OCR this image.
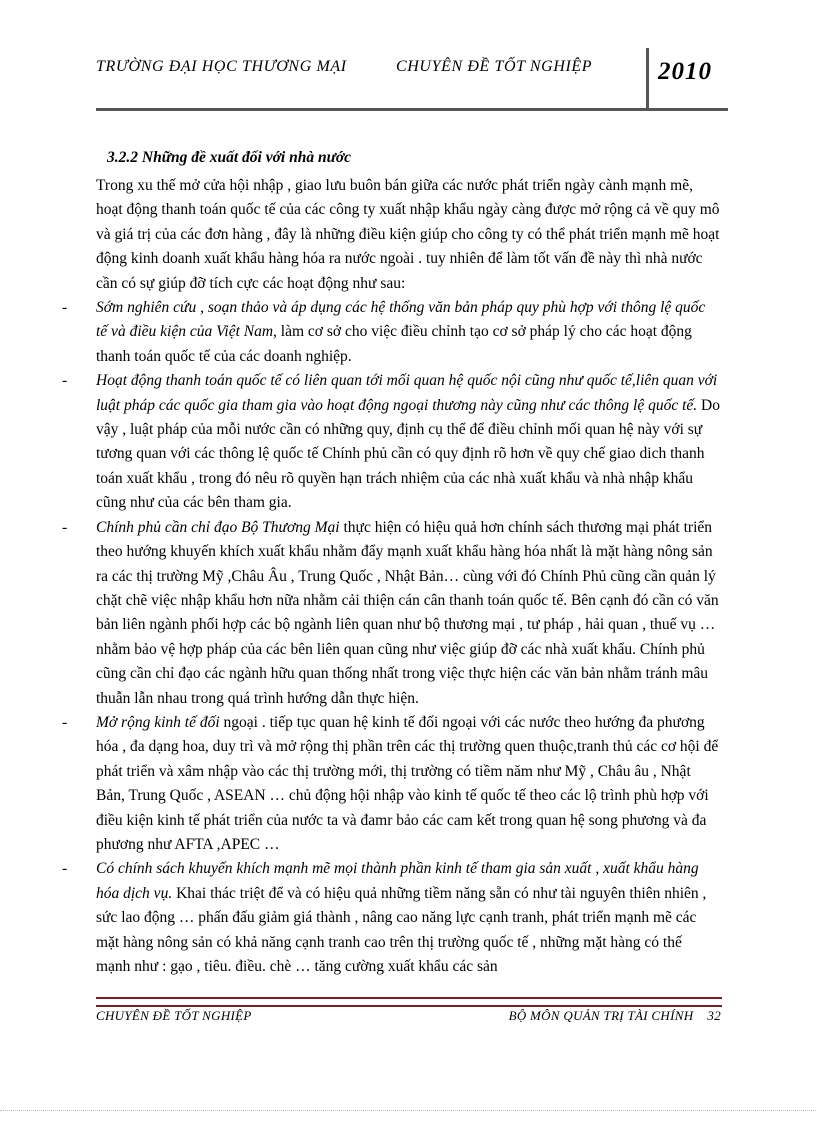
TRƯỜNG ĐẠI HỌC THƯƠNG MẠI	CHUYÊN ĐỀ TỐT NGHIỆP	2010
3.2.2 Những đề xuất đối với nhà nước
Trong xu thế mở cửa hội nhập , giao lưu buôn bán giữa các nước phát triển ngày cành mạnh mẽ, hoạt động thanh toán quốc tế của các công ty xuất nhập khẩu ngày càng được mở rộng cả về quy mô và giá trị của các đơn hàng , đây là những điều kiện giúp cho công ty có thể phát triển mạnh mẽ hoạt động kinh doanh xuất khẩu hàng hóa ra nước ngoài . tuy nhiên để làm tốt vấn đề này thì nhà nước cần có sự giúp đỡ tích cực các hoạt động như sau:
- Sớm nghiên cứu , soạn thảo và áp dụng các hệ thống văn bản pháp quy phù hợp với thông lệ quốc tế và điều kiện của Việt Nam, làm cơ sở cho việc điều chỉnh tạo cơ sở pháp lý cho các hoạt động thanh toán quốc tế của các doanh nghiệp.
- Hoạt động thanh toán quốc tế có liên quan tới mối quan hệ quốc nội cũng như quốc tế,liên quan với luật pháp các quốc gia tham gia vào hoạt động ngoại thương này cũng như các thông lệ quốc tế. Do vậy , luật pháp của mỗi nước cần có những quy, định cụ thể để điều chỉnh mối quan hệ này với sự tương quan với các thông lệ quốc tế Chính phủ cần có quy định rõ hơn về quy chế giao dich thanh toán xuất khẩu , trong đó nêu rõ quyền hạn trách nhiệm của các nhà xuất khẩu và nhà nhập khẩu cũng như của các bên tham gia.
- Chính phủ cần chỉ đạo Bộ Thương Mại thực hiện có hiệu quả hơn chính sách thương mại phát triển theo hướng khuyến khích xuất khẩu nhằm đẩy mạnh xuất khẩu hàng hóa nhất là mặt hàng nông sản ra các thị trường Mỹ ,Châu Âu , Trung Quốc , Nhật Bản… cùng với đó Chính Phủ cũng cần quản lý chặt chẽ việc nhập khẩu hơn nữa nhằm cải thiện cán cân thanh toán quốc tế. Bên cạnh đó cần có văn bản liên ngành phối hợp các bộ ngành liên quan như bộ thương mại , tư pháp , hải quan , thuế vụ … nhằm bảo vệ hợp pháp của các bên liên quan cũng như việc giúp đỡ các nhà xuất khẩu. Chính phủ cũng cần chỉ đạo các ngành hữu quan thống nhất trong việc thực hiện các văn bản nhằm tránh mâu thuẫn lẫn nhau trong quá trình hướng dẫn thực hiện.
- Mở rộng kinh tế đối ngoại . tiếp tục quan hệ kinh tế đối ngoại với các nước theo hướng đa phương hóa , đa dạng hoa, duy trì và mở rộng thị phần trên các thị trường quen thuộc,tranh thủ các cơ hội để phát triển và xâm nhập vào các thị trường mới, thị trường có tiềm năm như Mỹ , Châu âu , Nhật Bản, Trung Quốc , ASEAN … chủ động hội nhập vào kinh tế quốc tế theo các lộ trình phù hợp với điều kiện kinh tế phát triển của nước ta và đamr bảo các cam kết trong quan hệ song phương và đa phương như AFTA ,APEC …
- Có chính sách khuyến khích mạnh mẽ mọi thành phần kinh tế tham gia sản xuất , xuất khẩu hàng hóa dịch vụ. Khai thác triệt để và có hiệu quả những tiềm năng sẵn có như tài nguyên thiên nhiên , sức lao động … phấn đấu giảm giá thành , nâng cao năng lực cạnh tranh, phát triển mạnh mẽ các mặt hàng nông sản có khả năng cạnh tranh cao trên thị trường quốc tế , những mặt hàng có thế mạnh như : gạo , tiêu. điều. chè … tăng cường xuất khẩu các sản
CHUYÊN ĐỀ TỐT NGHIỆP	BỘ MÔN QUẢN TRỊ TÀI CHÍNH 32
